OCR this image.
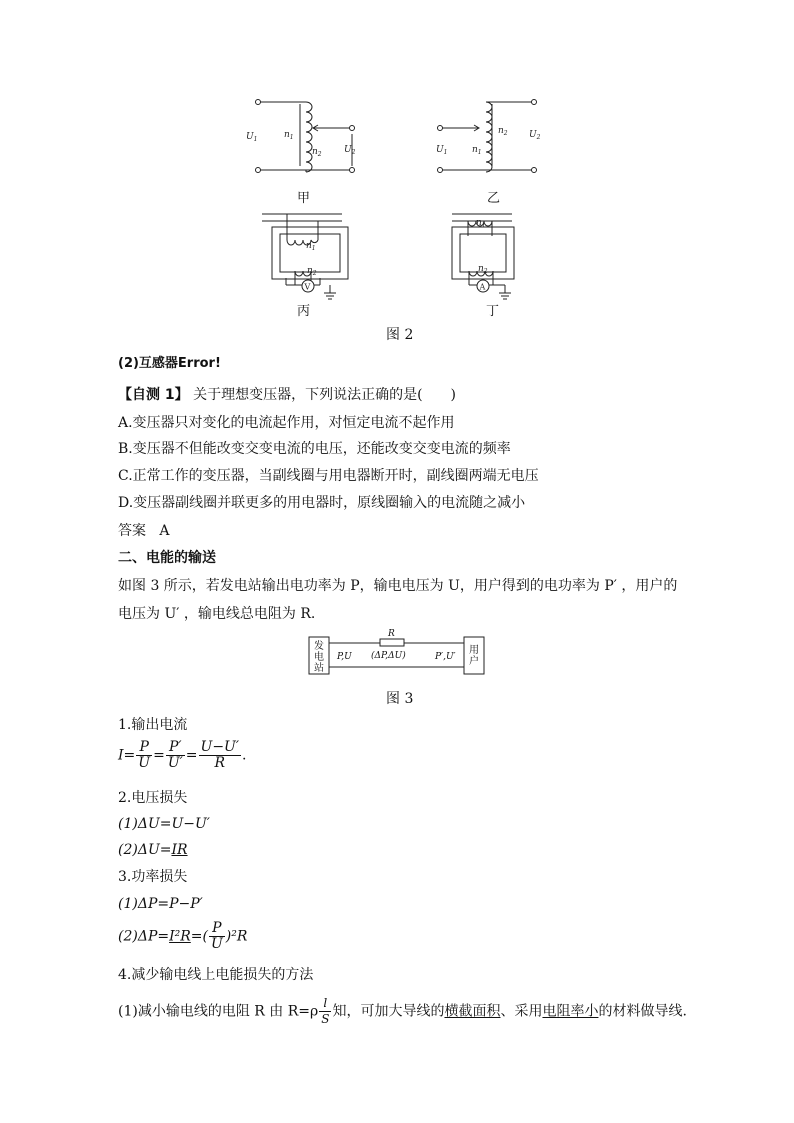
$U_1$	$n_1$
$n_2$ $U_2$	$U_1$	$n_1$
$n_2$ $U_2$
$n_1$
$n_2$
$n_1$
$n_2$
V	A
甲	乙
丙	丁
图 2
(2)互感器Error!
【自测 1】 关于理想变压器，下列说法正确的是(　　)
A.变压器只对变化的电流起作用，对恒定电流不起作用
B.变压器不但能改变交变电流的电压，还能改变交变电流的频率
C.正常工作的变压器，当副线圈与用电器断开时，副线圈两端无电压
D.变压器副线圈并联更多的用电器时，原线圈输入的电流随之减小
答案 A
二、电能的输送
如图 3 所示，若发电站输出电功率为 P，输电电压为 U，用户得到的电功率为 P′ ，用户的
电压为 U′ ，输电线总电阻为 R.
发
电
站
用
户
R
(ΔP,ΔU)
P,U	P′,U′
图 3
1.输出电流
$I= \frac{P}{U} = \frac{P'}{U'} = \frac{U-U'}{R}$ .
2.电压损失
(1)ΔU=U−U′
(2)ΔU=IR
3.功率损失
(1)ΔP=P−P′
$(2)\Delta P=I^2R=( \frac{P}{U} )^2R$
4.减少输电线上电能损失的方法
(1)减小输电线的电阻 R 由 $R=\rho \frac{l}{S}$ 知，可加大导线的横截面积、采用电阻率小的材料做导线.
